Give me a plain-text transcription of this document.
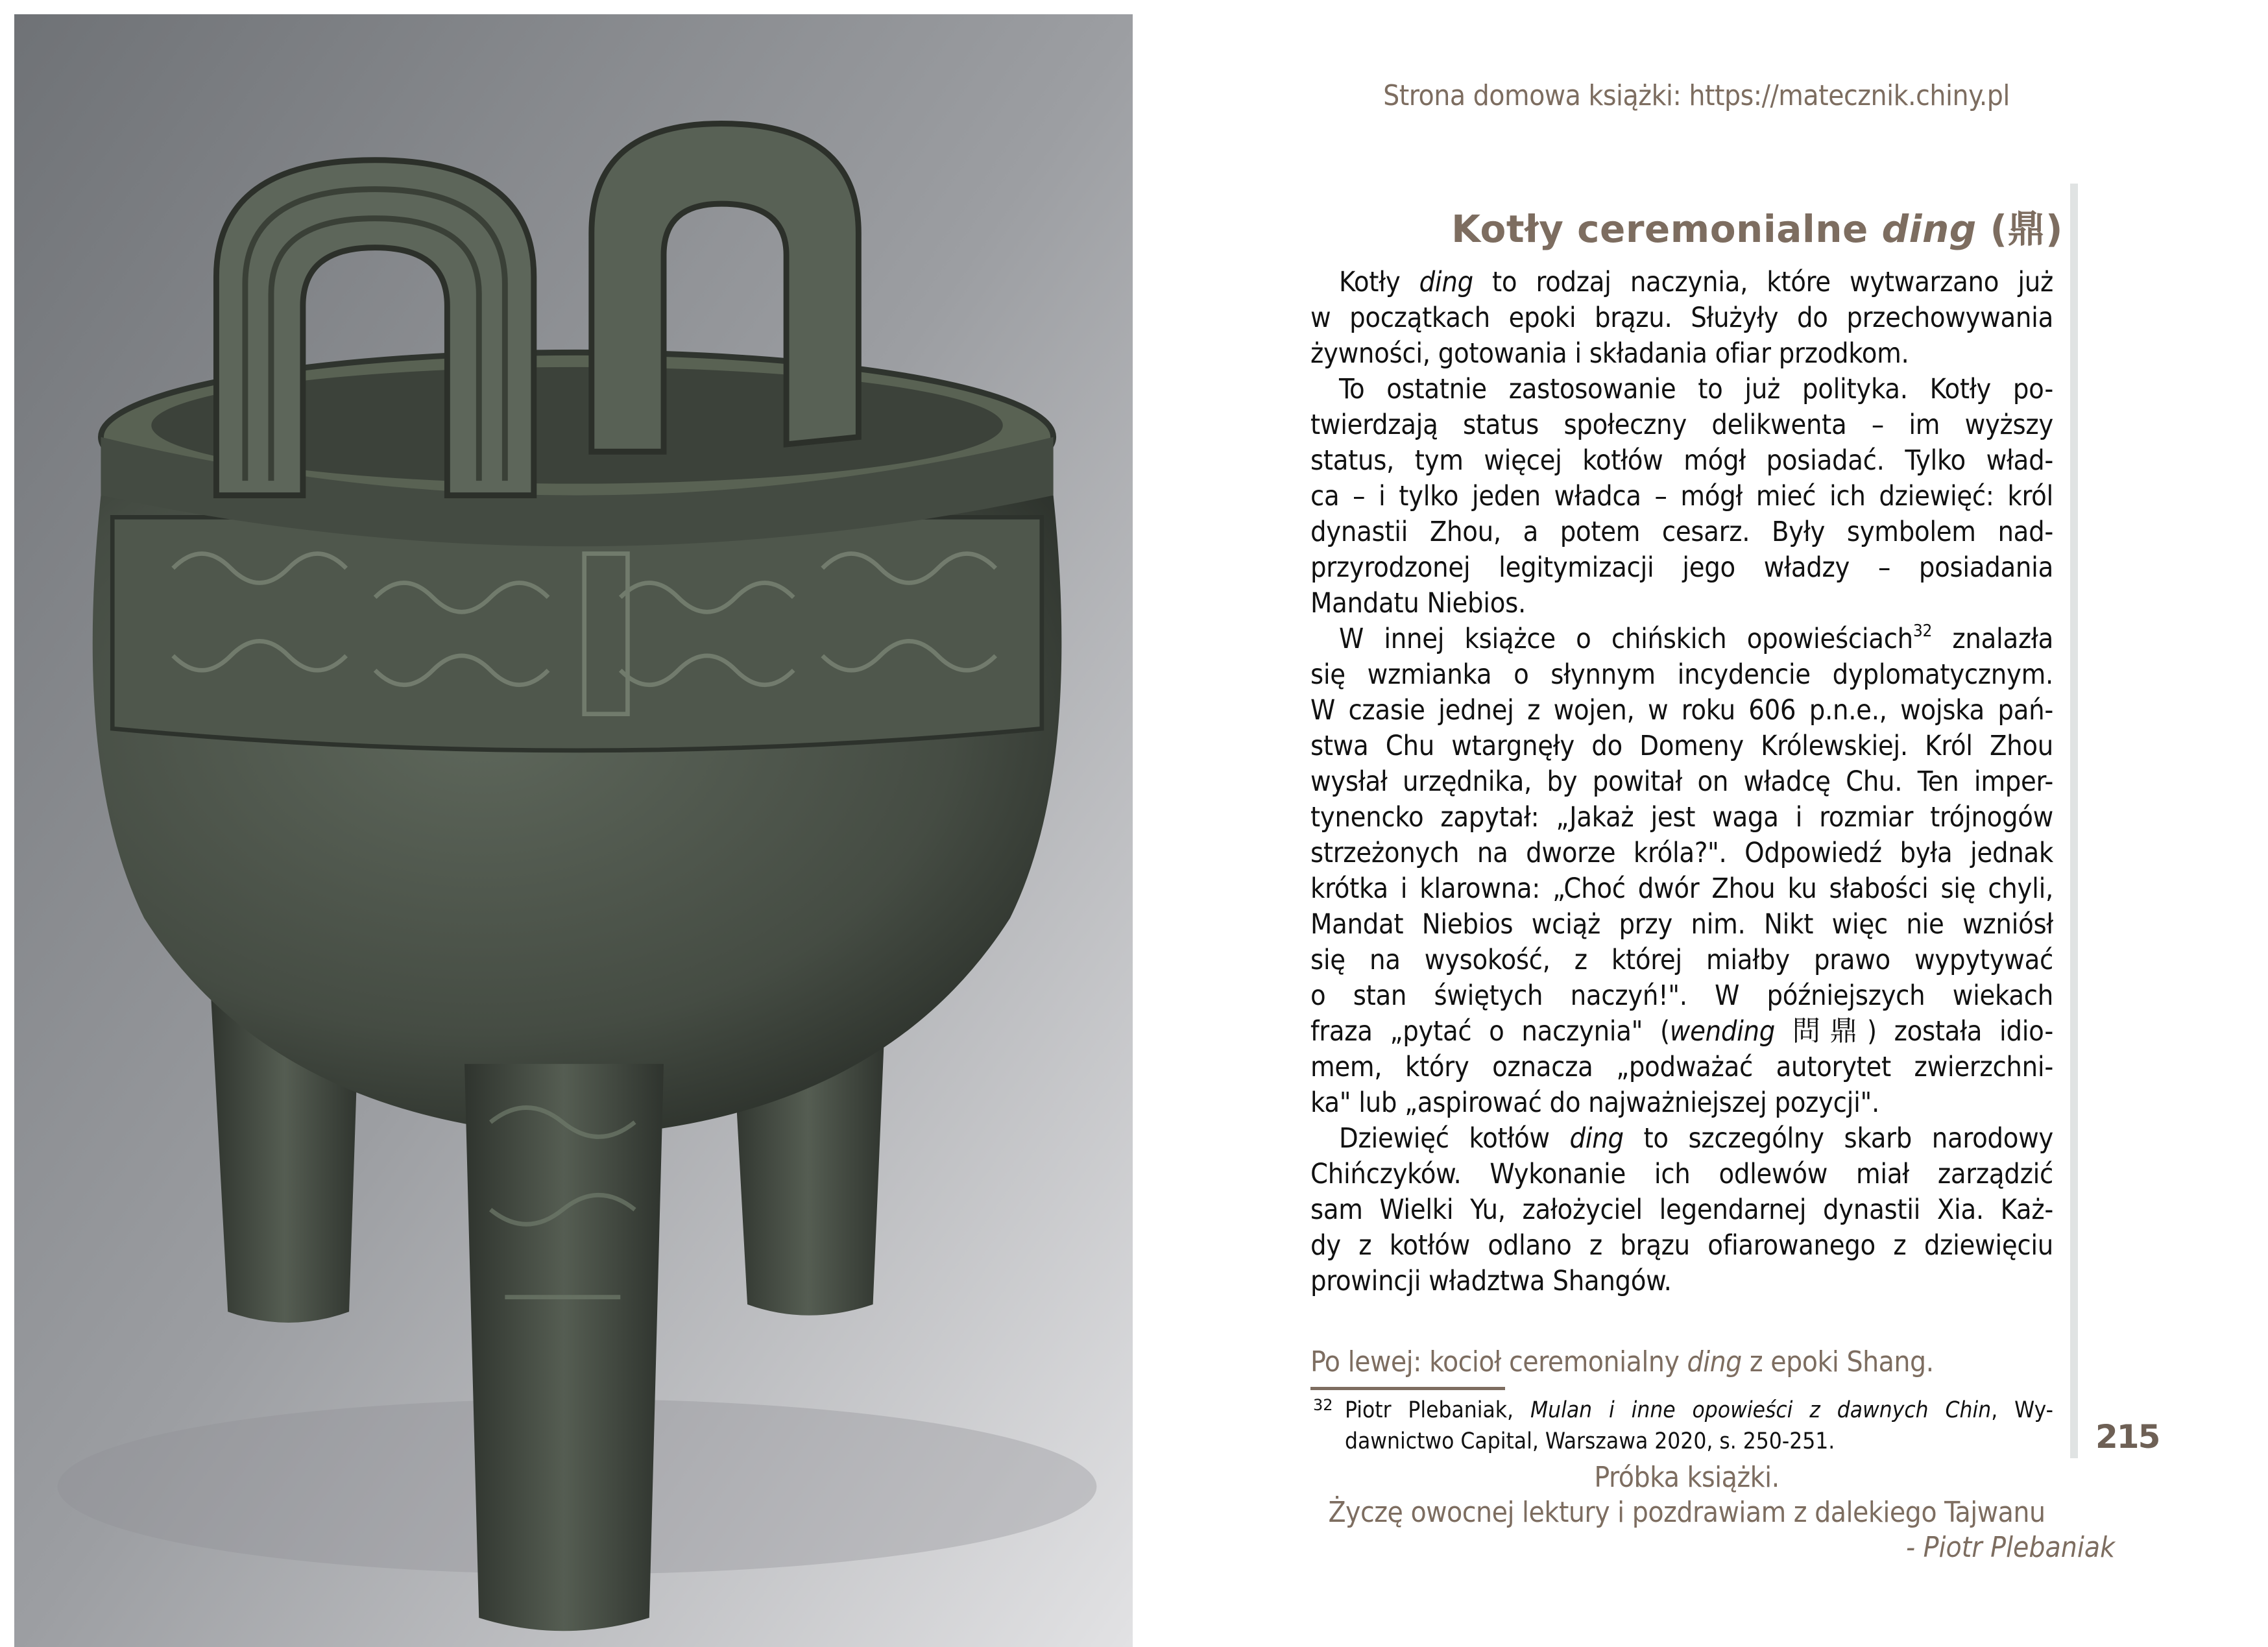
Strona domowa książki: https://matecznik.chiny.pl
Kotły ceremonialne ding (鼎)
Kotły ding to rodzaj naczynia, które wytwarzano już
w początkach epoki brązu. Służyły do przechowywania
żywności, gotowania i składania ofiar przodkom.
To ostatnie zastosowanie to już polityka. Kotły po-
twierdzają status społeczny delikwenta – im wyższy
status, tym więcej kotłów mógł posiadać. Tylko wład-
ca – i tylko jeden władca – mógł mieć ich dziewięć: król
dynastii Zhou, a potem cesarz. Były symbolem nad-
przyrodzonej legitymizacji jego władzy – posiadania
Mandatu Niebios.
W innej książce o chińskich opowieściach$^{32}$ znalazła
się wzmianka o słynnym incydencie dyplomatycznym.
W czasie jednej z wojen, w roku 606 p.n.e., wojska pań-
stwa Chu wtargnęły do Domeny Królewskiej. Król Zhou
wysłał urzędnika, by powitał on władcę Chu. Ten imper-
tynencko zapytał: „Jakaż jest waga i rozmiar trójnogów
strzeżonych na dworze króla?". Odpowiedź była jednak
krótka i klarowna: „Choć dwór Zhou ku słabości się chyli,
Mandat Niebios wciąż przy nim. Nikt więc nie wzniósł
się na wysokość, z której miałby prawo wypytywać
o stan świętych naczyń!". W późniejszych wiekach
fraza „pytać o naczynia" (wending 問鼎) została idio-
mem, który oznacza „podważać autorytet zwierzchni-
ka" lub „aspirować do najważniejszej pozycji".
Dziewięć kotłów ding to szczególny skarb narodowy
Chińczyków. Wykonanie ich odlewów miał zarządzić
sam Wielki Yu, założyciel legendarnej dynastii Xia. Każ-
dy z kotłów odlano z brązu ofiarowanego z dziewięciu
prowincji władztwa Shangów.
Po lewej: kocioł ceremonialny ding z epoki Shang.
32 Piotr Plebaniak, Mulan i inne opowieści z dawnych Chin, Wy-
dawnictwo Capital, Warszawa 2020, s. 250-251.	215
Próbka książki.
Życzę owocnej lektury i pozdrawiam z dalekiego Tajwanu
- Piotr Plebaniak
